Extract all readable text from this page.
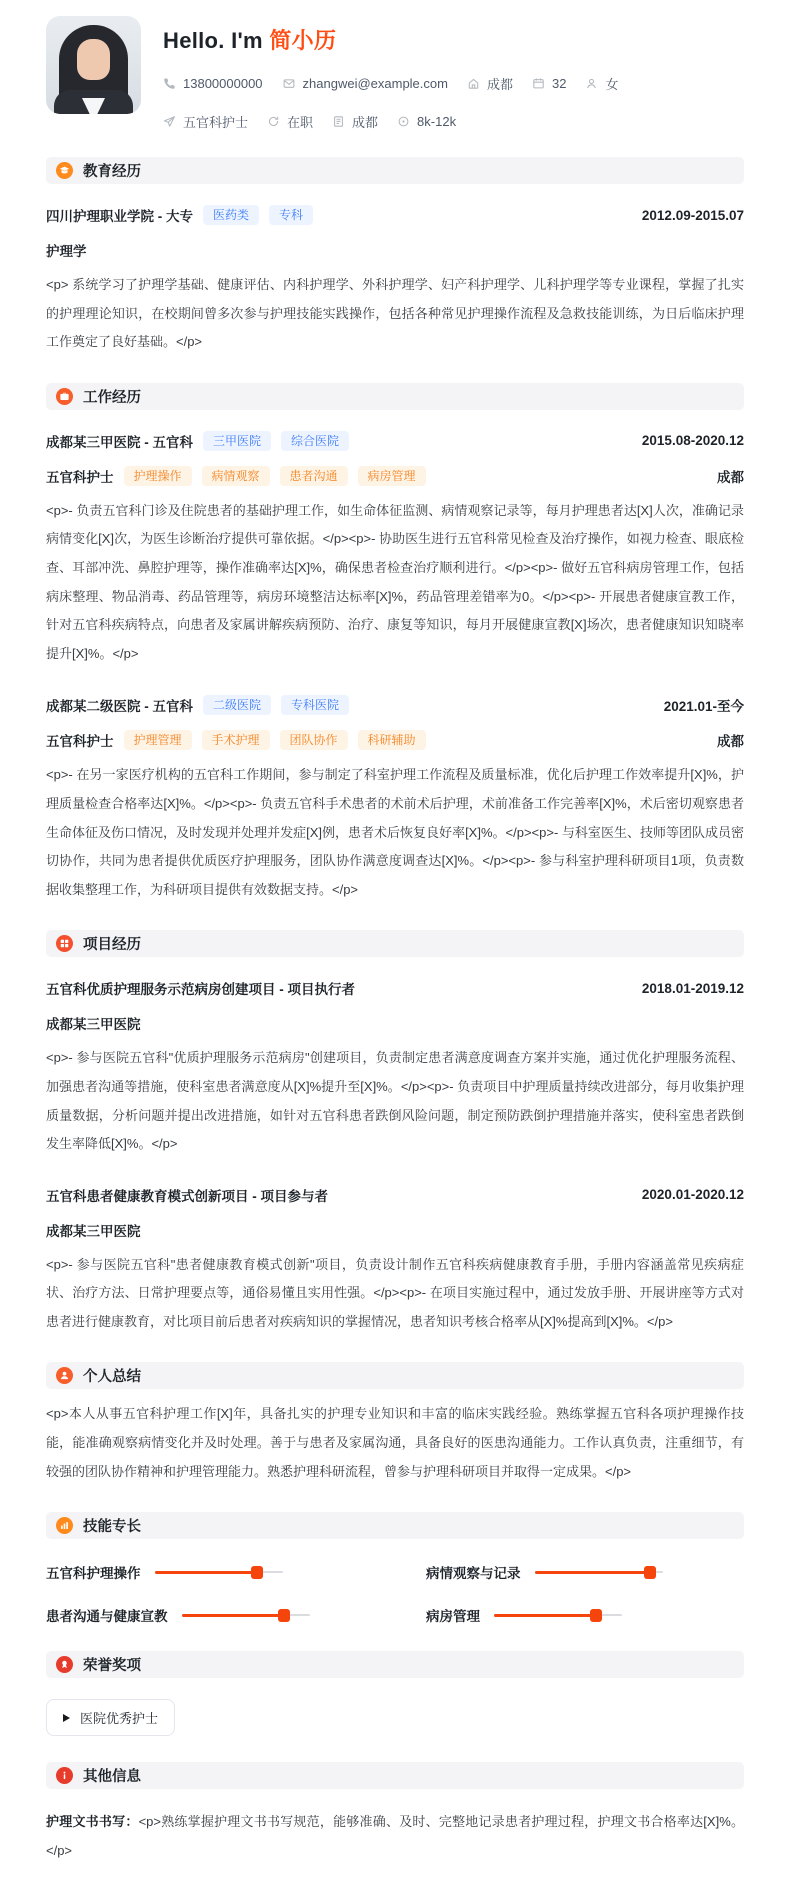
Hello. I'm 简小历
13800000000	zhangwei@example.com	成都	32	女
五官科护士	在职	成都	8k-12k
教育经历
四川护理职业学院 - 大专	医药类	专科	2012.09-2015.07
护理学
<p> 系统学习了护理学基础、健康评估、内科护理学、外科护理学、妇产科护理学、儿科护理学等专业课程，掌握了扎实的护理理论知识，在校期间曾多次参与护理技能实践操作，包括各种常见护理操作流程及急救技能训练，为日后临床护理工作奠定了良好基础。</p>
工作经历
成都某三甲医院 - 五官科	三甲医院	综合医院	2015.08-2020.12
五官科护士	护理操作	病情观察	患者沟通	病房管理	成都
<p>- 负责五官科门诊及住院患者的基础护理工作，如生命体征监测、病情观察记录等，每月护理患者达[X]人次，准确记录病情变化[X]次，为医生诊断治疗提供可靠依据。</p><p>- 协助医生进行五官科常见检查及治疗操作，如视力检查、眼底检查、耳部冲洗、鼻腔护理等，操作准确率达[X]%，确保患者检查治疗顺利进行。</p><p>- 做好五官科病房管理工作，包括病床整理、物品消毒、药品管理等，病房环境整洁达标率[X]%，药品管理差错率为0。</p><p>- 开展患者健康宣教工作，针对五官科疾病特点，向患者及家属讲解疾病预防、治疗、康复等知识，每月开展健康宣教[X]场次，患者健康知识知晓率提升[X]%。</p>
成都某二级医院 - 五官科	二级医院	专科医院	2021.01-至今
五官科护士	护理管理	手术护理	团队协作	科研辅助	成都
<p>- 在另一家医疗机构的五官科工作期间，参与制定了科室护理工作流程及质量标准，优化后护理工作效率提升[X]%，护理质量检查合格率达[X]%。</p><p>- 负责五官科手术患者的术前术后护理，术前准备工作完善率[X]%，术后密切观察患者生命体征及伤口情况，及时发现并处理并发症[X]例，患者术后恢复良好率[X]%。</p><p>- 与科室医生、技师等团队成员密切协作，共同为患者提供优质医疗护理服务，团队协作满意度调查达[X]%。</p><p>- 参与科室护理科研项目1项，负责数据收集整理工作，为科研项目提供有效数据支持。</p>
项目经历
五官科优质护理服务示范病房创建项目 - 项目执行者	2018.01-2019.12
成都某三甲医院
<p>- 参与医院五官科"优质护理服务示范病房"创建项目，负责制定患者满意度调查方案并实施，通过优化护理服务流程、加强患者沟通等措施，使科室患者满意度从[X]%提升至[X]%。</p><p>- 负责项目中护理质量持续改进部分，每月收集护理质量数据，分析问题并提出改进措施，如针对五官科患者跌倒风险问题，制定预防跌倒护理措施并落实，使科室患者跌倒发生率降低[X]%。</p>
五官科患者健康教育模式创新项目 - 项目参与者	2020.01-2020.12
成都某三甲医院
<p>- 参与医院五官科"患者健康教育模式创新"项目，负责设计制作五官科疾病健康教育手册，手册内容涵盖常见疾病症状、治疗方法、日常护理要点等，通俗易懂且实用性强。</p><p>- 在项目实施过程中，通过发放手册、开展讲座等方式对患者进行健康教育，对比项目前后患者对疾病知识的掌握情况，患者知识考核合格率从[X]%提高到[X]%。</p>
个人总结
<p>本人从事五官科护理工作[X]年，具备扎实的护理专业知识和丰富的临床实践经验。熟练掌握五官科各项护理操作技能，能准确观察病情变化并及时处理。善于与患者及家属沟通，具备良好的医患沟通能力。工作认真负责，注重细节，有较强的团队协作精神和护理管理能力。熟悉护理科研流程，曾参与护理科研项目并取得一定成果。</p>
技能专长
五官科护理操作	病情观察与记录
患者沟通与健康宣教	病房管理
荣誉奖项
医院优秀护士
其他信息
护理文书书写：<p>熟练掌握护理文书书写规范，能够准确、及时、完整地记录患者护理过程，护理文书合格率达[X]%。</p>
